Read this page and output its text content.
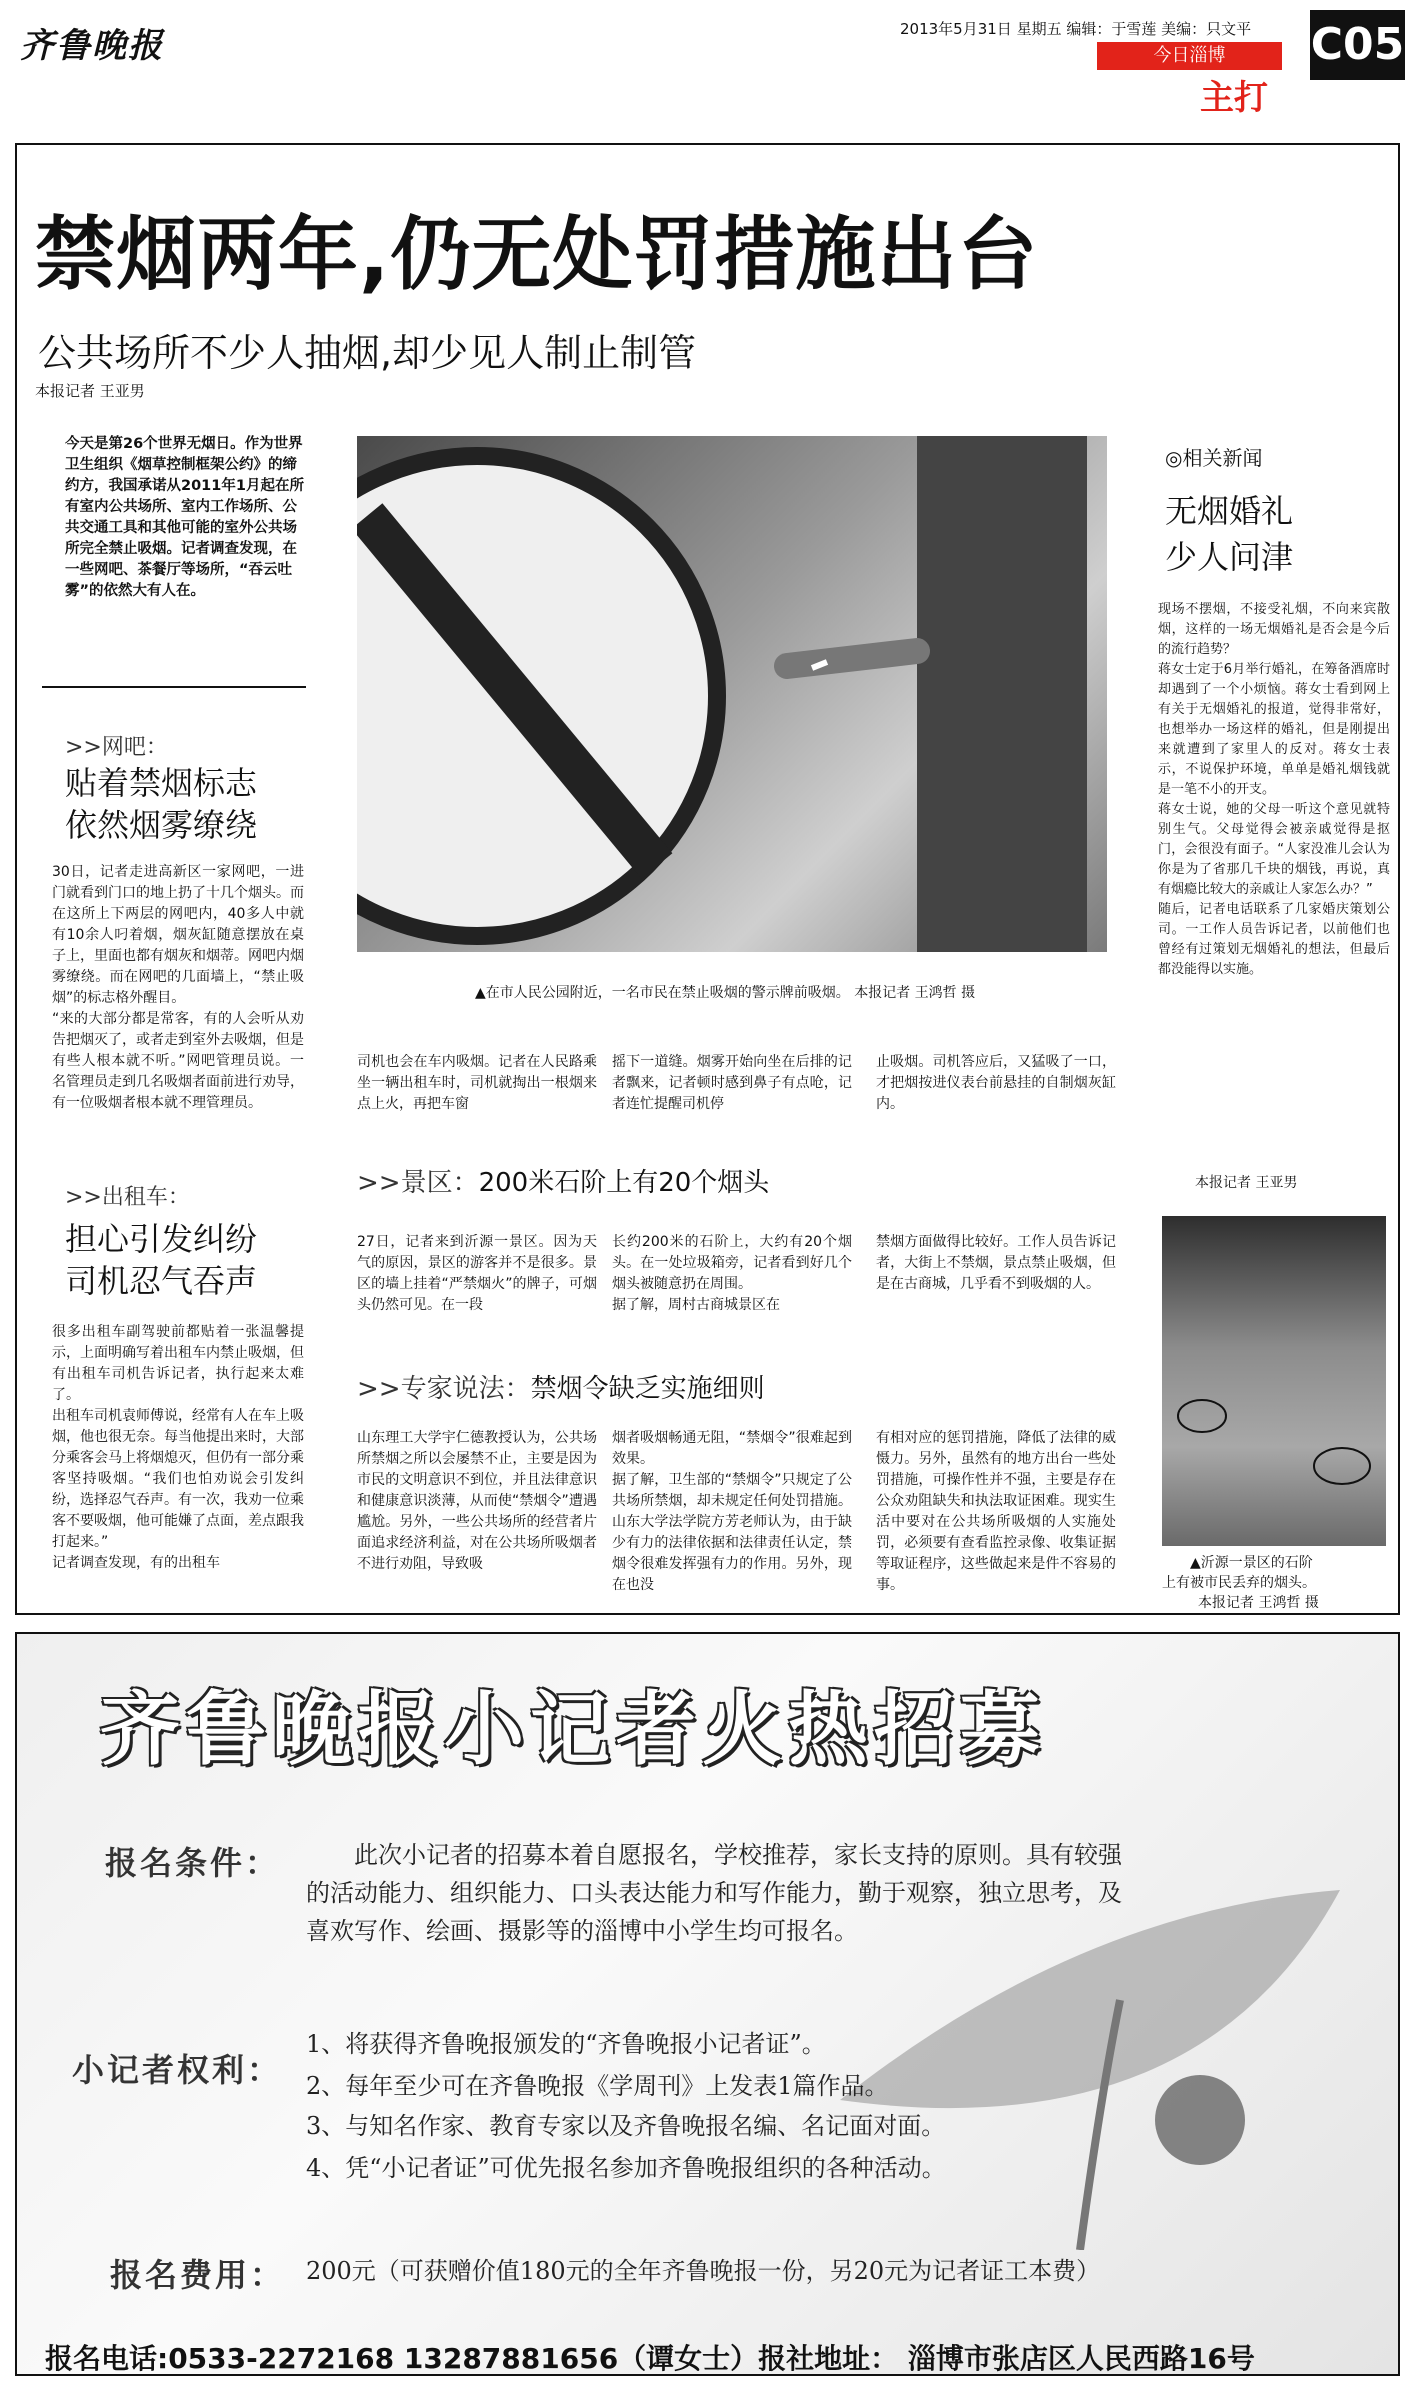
齐鲁晚报	2013年5月31日 星期五 编辑：于雪莲 美编：只文平
今日淄博
主打
C05
禁烟两年,仍无处罚措施出台
公共场所不少人抽烟,却少见人制止制管
本报记者 王亚男
今天是第26个世界无烟日。作为世界卫生组织《烟草控制框架公约》的缔约方，我国承诺从2011年1月起在所有室内公共场所、室内工作场所、公共交通工具和其他可能的室外公共场所完全禁止吸烟。记者调查发现，在一些网吧、茶餐厅等场所，“吞云吐雾”的依然大有人在。
>>网吧：
贴着禁烟标志
依然烟雾缭绕
30日，记者走进高新区一家网吧，一进门就看到门口的地上扔了十几个烟头。而在这所上下两层的网吧内，40多人中就有10余人叼着烟，烟灰缸随意摆放在桌子上，里面也都有烟灰和烟蒂。网吧内烟雾缭绕。而在网吧的几面墙上，“禁止吸烟”的标志格外醒目。
“来的大部分都是常客，有的人会听从劝告把烟灭了，或者走到室外去吸烟，但是有些人根本就不听。”网吧管理员说。一名管理员走到几名吸烟者面前进行劝导，有一位吸烟者根本就不理管理员。
>>出租车：
担心引发纠纷
司机忍气吞声
很多出租车副驾驶前都贴着一张温馨提示，上面明确写着出租车内禁止吸烟，但有出租车司机告诉记者，执行起来太难了。
出租车司机袁师傅说，经常有人在车上吸烟，他也很无奈。每当他提出来时，大部分乘客会马上将烟熄灭，但仍有一部分乘客坚持吸烟。“我们也怕劝说会引发纠纷，选择忍气吞声。有一次，我劝一位乘客不要吸烟，他可能嫌了点面，差点跟我打起来。”
记者调查发现，有的出租车
▲在市人民公园附近，一名市民在禁止吸烟的警示牌前吸烟。 本报记者 王鸿哲 摄
司机也会在车内吸烟。记者在人民路乘坐一辆出租车时，司机就掏出一根烟来点上火，再把车窗
摇下一道缝。烟雾开始向坐在后排的记者飘来，记者顿时感到鼻子有点呛，记者连忙提醒司机停
止吸烟。司机答应后，又猛吸了一口，才把烟按进仪表台前悬挂的自制烟灰缸内。
>>景区：200米石阶上有20个烟头
27日，记者来到沂源一景区。因为天气的原因，景区的游客并不是很多。景区的墙上挂着“严禁烟火”的牌子，可烟头仍然可见。在一段
长约200米的石阶上，大约有20个烟头。在一处垃圾箱旁，记者看到好几个烟头被随意扔在周围。
据了解，周村古商城景区在
禁烟方面做得比较好。工作人员告诉记者，大街上不禁烟，景点禁止吸烟，但是在古商城，几乎看不到吸烟的人。
>>专家说法：禁烟令缺乏实施细则
山东理工大学宇仁德教授认为，公共场所禁烟之所以会屡禁不止，主要是因为市民的文明意识不到位，并且法律意识和健康意识淡薄，从而使“禁烟令”遭遇尴尬。另外，一些公共场所的经营者片面追求经济利益，对在公共场所吸烟者不进行劝阻，导致吸
烟者吸烟畅通无阻，“禁烟令”很难起到效果。
据了解，卫生部的“禁烟令”只规定了公共场所禁烟，却未规定任何处罚措施。山东大学法学院方芳老师认为，由于缺少有力的法律依据和法律责任认定，禁烟令很难发挥强有力的作用。另外，现在也没
有相对应的惩罚措施，降低了法律的威慑力。另外，虽然有的地方出台一些处罚措施，可操作性并不强，主要是存在公众劝阻缺失和执法取证困难。现实生活中要对在公共场所吸烟的人实施处罚，必须要有查看监控录像、收集证据等取证程序，这些做起来是件不容易的事。
◎相关新闻
无烟婚礼
少人问津
现场不摆烟，不接受礼烟，不向来宾散烟，这样的一场无烟婚礼是否会是今后的流行趋势？
蒋女士定于6月举行婚礼，在筹备酒席时却遇到了一个小烦恼。蒋女士看到网上有关于无烟婚礼的报道，觉得非常好，也想举办一场这样的婚礼，但是刚提出来就遭到了家里人的反对。蒋女士表示，不说保护环境，单单是婚礼烟钱就是一笔不小的开支。
蒋女士说，她的父母一听这个意见就特别生气。父母觉得会被亲戚觉得是抠门，会很没有面子。“人家没准儿会认为你是为了省那几千块的烟钱，再说，真有烟瘾比较大的亲戚让人家怎么办？”
随后，记者电话联系了几家婚庆策划公司。一工作人员告诉记者，以前他们也曾经有过策划无烟婚礼的想法，但最后都没能得以实施。
本报记者 王亚男
▲沂源一景区的石阶
上有被市民丢弃的烟头。
本报记者 王鸿哲 摄
齐鲁晚报小记者火热招募
报名条件：	此次小记者的招募本着自愿报名，学校推荐，家长支持的原则。具有较强的活动能力、组织能力、口头表达能力和写作能力，勤于观察，独立思考，及喜欢写作、绘画、摄影等的淄博中小学生均可报名。
小记者权利：
1、将获得齐鲁晚报颁发的“齐鲁晚报小记者证”。
2、每年至少可在齐鲁晚报《学周刊》上发表1篇作品。
3、与知名作家、教育专家以及齐鲁晚报名编、名记面对面。
4、凭“小记者证”可优先报名参加齐鲁晚报组织的各种活动。
报名费用： 200元（可获赠价值180元的全年齐鲁晚报一份，另20元为记者证工本费）
报名电话:0533-2272168 13287881656（谭女士）报社地址： 淄博市张店区人民西路16号
